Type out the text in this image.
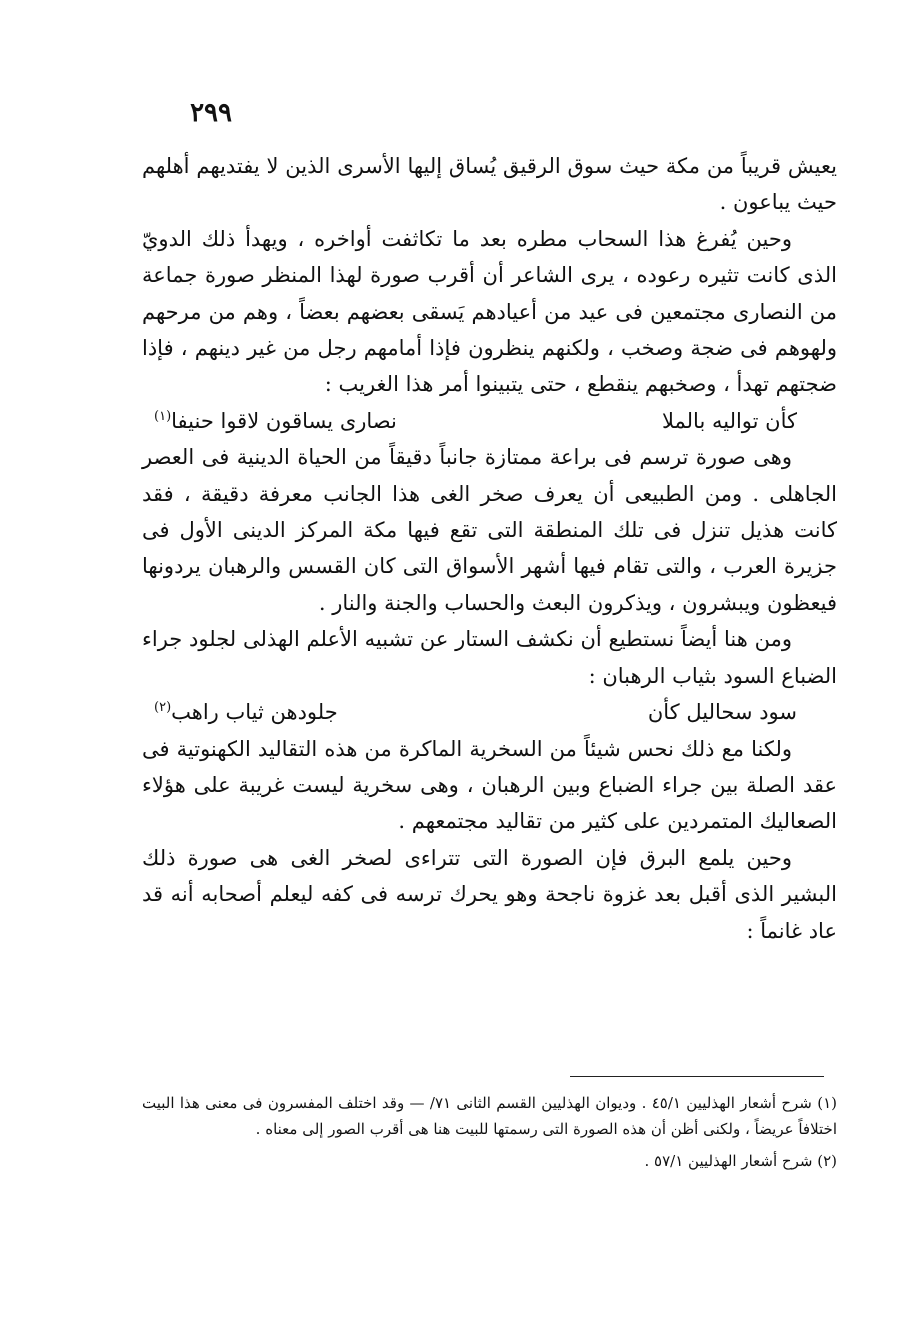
٢٩٩

يعيش قريباً من مكة حيث سوق الرقيق يُساق إليها الأسرى الذين لا يفتديهم أهلهم حيث يباعون .

وحين يُفرغ هذا السحاب مطره بعد ما تكاثفت أواخره ، ويهدأ ذلك الدويّ الذى كانت تثيره رعوده ، يرى الشاعر أن أقرب صورة لهذا المنظر صورة جماعة من النصارى مجتمعين فى عيد من أعيادهم يَسقى بعضهم بعضاً ، وهم من مرحهم ولهوهم فى ضجة وصخب ، ولكنهم ينظرون فإذا أمامهم رجل من غير دينهم ، فإذا ضجتهم تهدأ ، وصخبهم ينقطع ، حتى يتبينوا أمر هذا الغريب :

كأن تواليه بالملا
نصارى يساقون لاقوا حنيفا(١)

وهى صورة ترسم فى براعة ممتازة جانباً دقيقاً من الحياة الدينية فى العصر الجاهلى . ومن الطبيعى أن يعرف صخر الغى هذا الجانب معرفة دقيقة ، فقد كانت هذيل تنزل فى تلك المنطقة التى تقع فيها مكة المركز الدينى الأول فى جزيرة العرب ، والتى تقام فيها أشهر الأسواق التى كان القسس والرهبان يردونها فيعظون ويبشرون ، ويذكرون البعث والحساب والجنة والنار .

ومن هنا أيضاً نستطيع أن نكشف الستار عن تشبيه الأعلم الهذلى لجلود جراء الضباع السود بثياب الرهبان :

سود سحاليل كأن
جلودهن ثياب راهب(٢)

ولكنا مع ذلك نحس شيئاً من السخرية الماكرة من هذه التقاليد الكهنوتية فى عقد الصلة بين جراء الضباع وبين الرهبان ، وهى سخرية ليست غريبة على هؤلاء الصعاليك المتمردين على كثير من تقاليد مجتمعهم .

وحين يلمع البرق فإن الصورة التى تتراءى لصخر الغى هى صورة ذلك البشير الذى أقبل بعد غزوة ناجحة وهو يحرك ترسه فى كفه ليعلم أصحابه أنه قد عاد غانماً :

(١) شرح أشعار الهذليين ٤٥/١ . وديوان الهذليين القسم الثانى ٧١/ — وقد اختلف المفسرون فى معنى هذا البيت اختلافاً عريضاً ، ولكنى أظن أن هذه الصورة التى رسمتها للبيت هنا هى أقرب الصور إلى معناه .

(٢) شرح أشعار الهذليين ٥٧/١ .
